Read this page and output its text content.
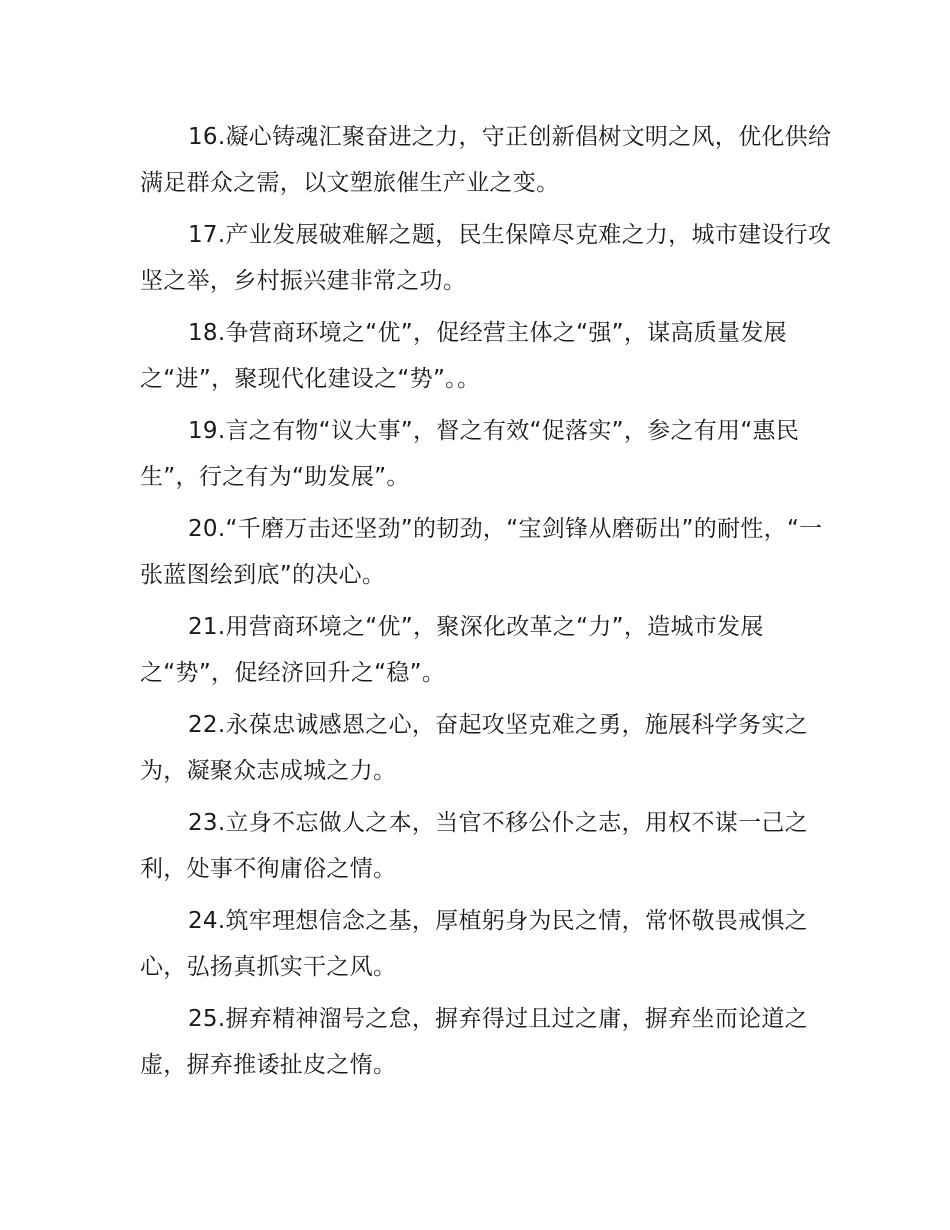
16.凝心铸魂汇聚奋进之力，守正创新倡树文明之风，优化供给满足群众之需，以文塑旅催生产业之变。

17.产业发展破难解之题，民生保障尽克难之力，城市建设行攻坚之举，乡村振兴建非常之功。

18.争营商环境之“优”，促经营主体之“强”，谋高质量发展之“进”，聚现代化建设之“势”。。

19.言之有物“议大事”，督之有效“促落实”，参之有用“惠民生”，行之有为“助发展”。

20.“千磨万击还坚劲”的韧劲，“宝剑锋从磨砺出”的耐性，“一张蓝图绘到底”的决心。

21.用营商环境之“优”，聚深化改革之“力”，造城市发展之“势”，促经济回升之“稳”。

22.永葆忠诚感恩之心，奋起攻坚克难之勇，施展科学务实之为，凝聚众志成城之力。

23.立身不忘做人之本，当官不移公仆之志，用权不谋一己之利，处事不徇庸俗之情。

24.筑牢理想信念之基，厚植躬身为民之情，常怀敬畏戒惧之心，弘扬真抓实干之风。

25.摒弃精神溜号之怠，摒弃得过且过之庸，摒弃坐而论道之虚，摒弃推诿扯皮之惰。
